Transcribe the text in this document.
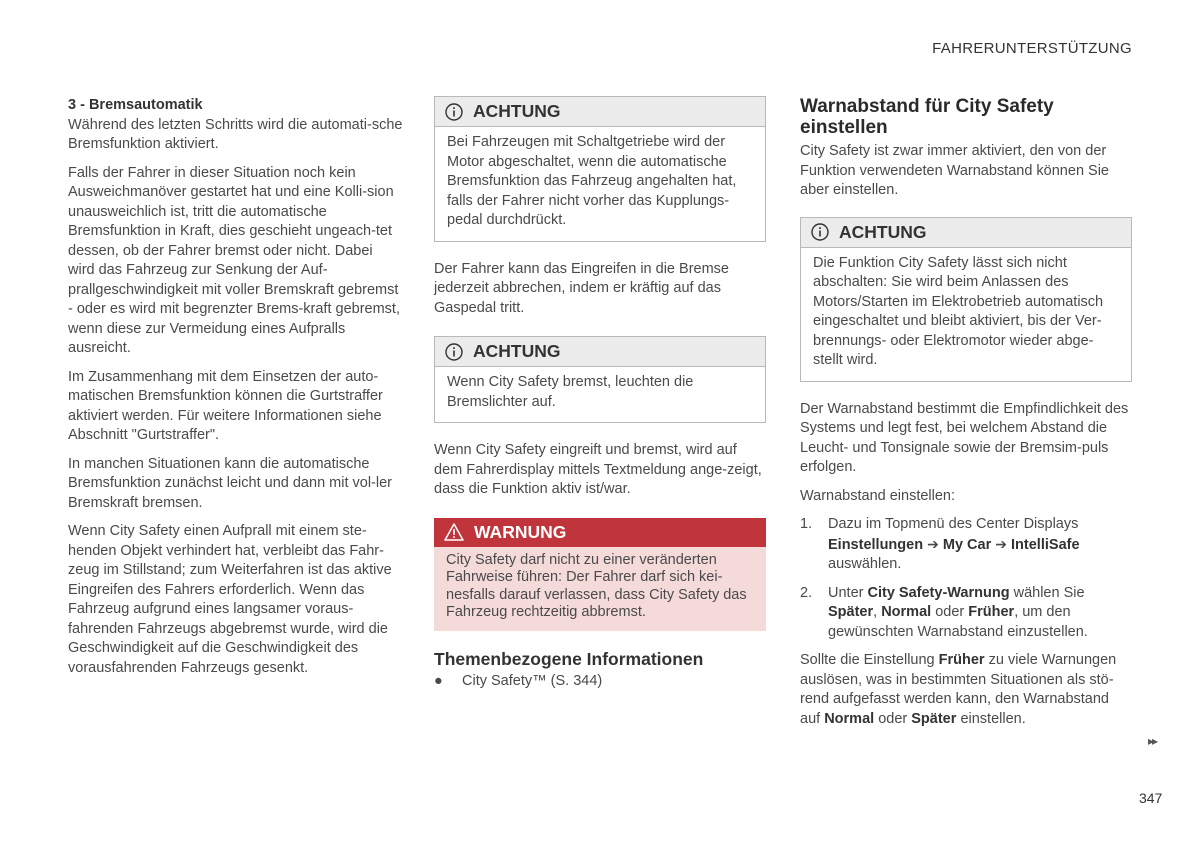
FAHRERUNTERSTÜTZUNG
3 - Bremsautomatik

Während des letzten Schritts wird die automati-sche Bremsfunktion aktiviert.

Falls der Fahrer in dieser Situation noch kein Ausweichmanöver gestartet hat und eine Kolli-sion unausweichlich ist, tritt die automatische Bremsfunktion in Kraft, dies geschieht ungeach-tet dessen, ob der Fahrer bremst oder nicht. Dabei wird das Fahrzeug zur Senkung der Auf-prallgeschwindigkeit mit voller Bremskraft gebremst - oder es wird mit begrenzter Brems-kraft gebremst, wenn diese zur Vermeidung eines Aufpralls ausreicht.

Im Zusammenhang mit dem Einsetzen der auto-matischen Bremsfunktion können die Gurtstraffer aktiviert werden. Für weitere Informationen siehe Abschnitt "Gurtstraffer".

In manchen Situationen kann die automatische Bremsfunktion zunächst leicht und dann mit vol-ler Bremskraft bremsen.

Wenn City Safety einen Aufprall mit einem ste-henden Objekt verhindert hat, verbleibt das Fahr-zeug im Stillstand; zum Weiterfahren ist das aktive Eingreifen des Fahrers erforderlich. Wenn das Fahrzeug aufgrund eines langsamer voraus-fahrenden Fahrzeugs abgebremst wurde, wird die Geschwindigkeit auf die Geschwindigkeit des vorausfahrenden Fahrzeugs gesenkt.

ACHTUNG
Bei Fahrzeugen mit Schaltgetriebe wird der Motor abgeschaltet, wenn die automatische Bremsfunktion das Fahrzeug angehalten hat, falls der Fahrer nicht vorher das Kupplungs-pedal durchdrückt.

Der Fahrer kann das Eingreifen in die Bremse jederzeit abbrechen, indem er kräftig auf das Gaspedal tritt.

ACHTUNG
Wenn City Safety bremst, leuchten die Bremslichter auf.

Wenn City Safety eingreift und bremst, wird auf dem Fahrerdisplay mittels Textmeldung ange-zeigt, dass die Funktion aktiv ist/war.

WARNUNG
City Safety darf nicht zu einer veränderten Fahrweise führen: Der Fahrer darf sich kei-nesfalls darauf verlassen, dass City Safety das Fahrzeug rechtzeitig abbremst.
Themenbezogene Informationen
●	City Safety™ (S. 344)
Warnabstand für City Safety einstellen

City Safety ist zwar immer aktiviert, den von der Funktion verwendeten Warnabstand können Sie aber einstellen.

ACHTUNG
Die Funktion City Safety lässt sich nicht abschalten: Sie wird beim Anlassen des Motors/Starten im Elektrobetrieb automatisch eingeschaltet und bleibt aktiviert, bis der Ver-brennungs- oder Elektromotor wieder abge-stellt wird.

Der Warnabstand bestimmt die Empfindlichkeit des Systems und legt fest, bei welchem Abstand die Leucht- und Tonsignale sowie der Bremsim-puls erfolgen.

Warnabstand einstellen:

1.	Dazu im Topmenü des Center Displays
Einstellungen ➔ My Car ➔ IntelliSafe
auswählen.
2.	Unter City Safety-Warnung wählen Sie Später, Normal oder Früher, um den gewünschten Warnabstand einzustellen.

Sollte die Einstellung Früher zu viele Warnungen auslösen, was in bestimmten Situationen als stö-rend aufgefasst werden kann, den Warnabstand auf Normal oder Später einstellen.

▸▸
347
